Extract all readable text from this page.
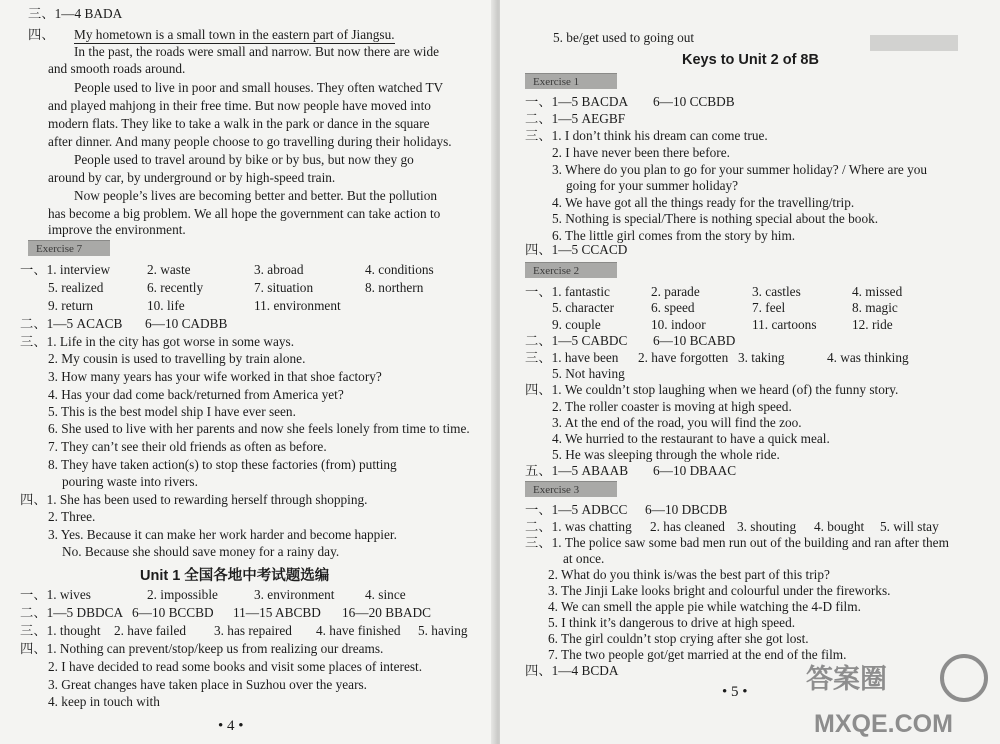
三、1—4 BADA
四、 My hometown is a small town in the eastern part of Jiangsu.
In the past, the roads were small and narrow. But now there are wide
and smooth roads around.
People used to live in poor and small houses. They often watched TV
and played mahjong in their free time. But now people have moved into
modern flats. They like to take a walk in the park or dance in the square
after dinner. And many people choose to go travelling during their holidays.
People used to travel around by bike or by bus, but now they go
around by car, by underground or by high-speed train.
Now people’s lives are becoming better and better. But the pollution
has become a big problem. We all hope the government can take action to
improve the environment.
Exercise 7
一、1. interview	2. waste	3. abroad	4. conditions
5. realized	6. recently	7. situation	8. northern
9. return	10. life	11. environment
二、1—5 ACACB 6—10 CADBB
三、1. Life in the city has got worse in some ways.
2. My cousin is used to travelling by train alone.
3. How many years has your wife worked in that shoe factory?
4. Has your dad come back/returned from America yet?
5. This is the best model ship I have ever seen.
6. She used to live with her parents and now she feels lonely from time to time.
7. They can’t see their old friends as often as before.
8. They have taken action(s) to stop these factories (from) putting
pouring waste into rivers.
四、1. She has been used to rewarding herself through shopping.
2. Three.
3. Yes. Because it can make her work harder and become happier.
No. Because she should save money for a rainy day.
Unit 1 全国各地中考试题选编
一、1. wives	2. impossible	3. environment 4. since
二、1—5 DBDCA 6—10 BCCBD 11—15 ABCBD 16—20 BBADC
三、1. thought 2. have failed 3. has repaired 4. have finished 5. having
四、1. Nothing can prevent/stop/keep us from realizing our dreams.
2. I have decided to read some books and visit some places of interest.
3. Great changes have taken place in Suzhou over the years.
4. keep in touch with
• 4 •
5. be/get used to going out
Keys to Unit 2 of 8B
Exercise 1
一、1—5 BACDA 6—10 CCBDB
二、1—5 AEGBF
三、1. I don’t think his dream can come true.
2. I have never been there before.
3. Where do you plan to go for your summer holiday? / Where are you
going for your summer holiday?
4. We have got all the things ready for the travelling/trip.
5. Nothing is special/There is nothing special about the book.
6. The little girl comes from the story by him.
四、1—5 CCACD
Exercise 2
一、1. fantastic	2. parade	3. castles	4. missed
5. character	6. speed	7. feel	8. magic
9. couple	10. indoor	11. cartoons	12. ride
二、1—5 CABDC 6—10 BCABD
三、1. have been 2. have forgotten 3. taking	4. was thinking
5. Not having
四、1. We couldn’t stop laughing when we heard (of) the funny story.
2. The roller coaster is moving at high speed.
3. At the end of the road, you will find the zoo.
4. We hurried to the restaurant to have a quick meal.
5. He was sleeping through the whole ride.
五、1—5 ABAAB 6—10 DBAAC
Exercise 3
一、1—5 ADBCC 6—10 DBCDB
二、1. was chatting 2. has cleaned 3. shouting 4. bought 5. will stay
三、1. The police saw some bad men run out of the building and ran after them
at once.
2. What do you think is/was the best part of this trip?
3. The Jinji Lake looks bright and colourful under the fireworks.
4. We can smell the apple pie while watching the 4-D film.
5. I think it’s dangerous to drive at high speed.
6. The girl couldn’t stop crying after she got lost.
7. The two people got/get married at the end of the film.
四、1—4 BCDA
• 5 • 答案圈
MXQE.COM
